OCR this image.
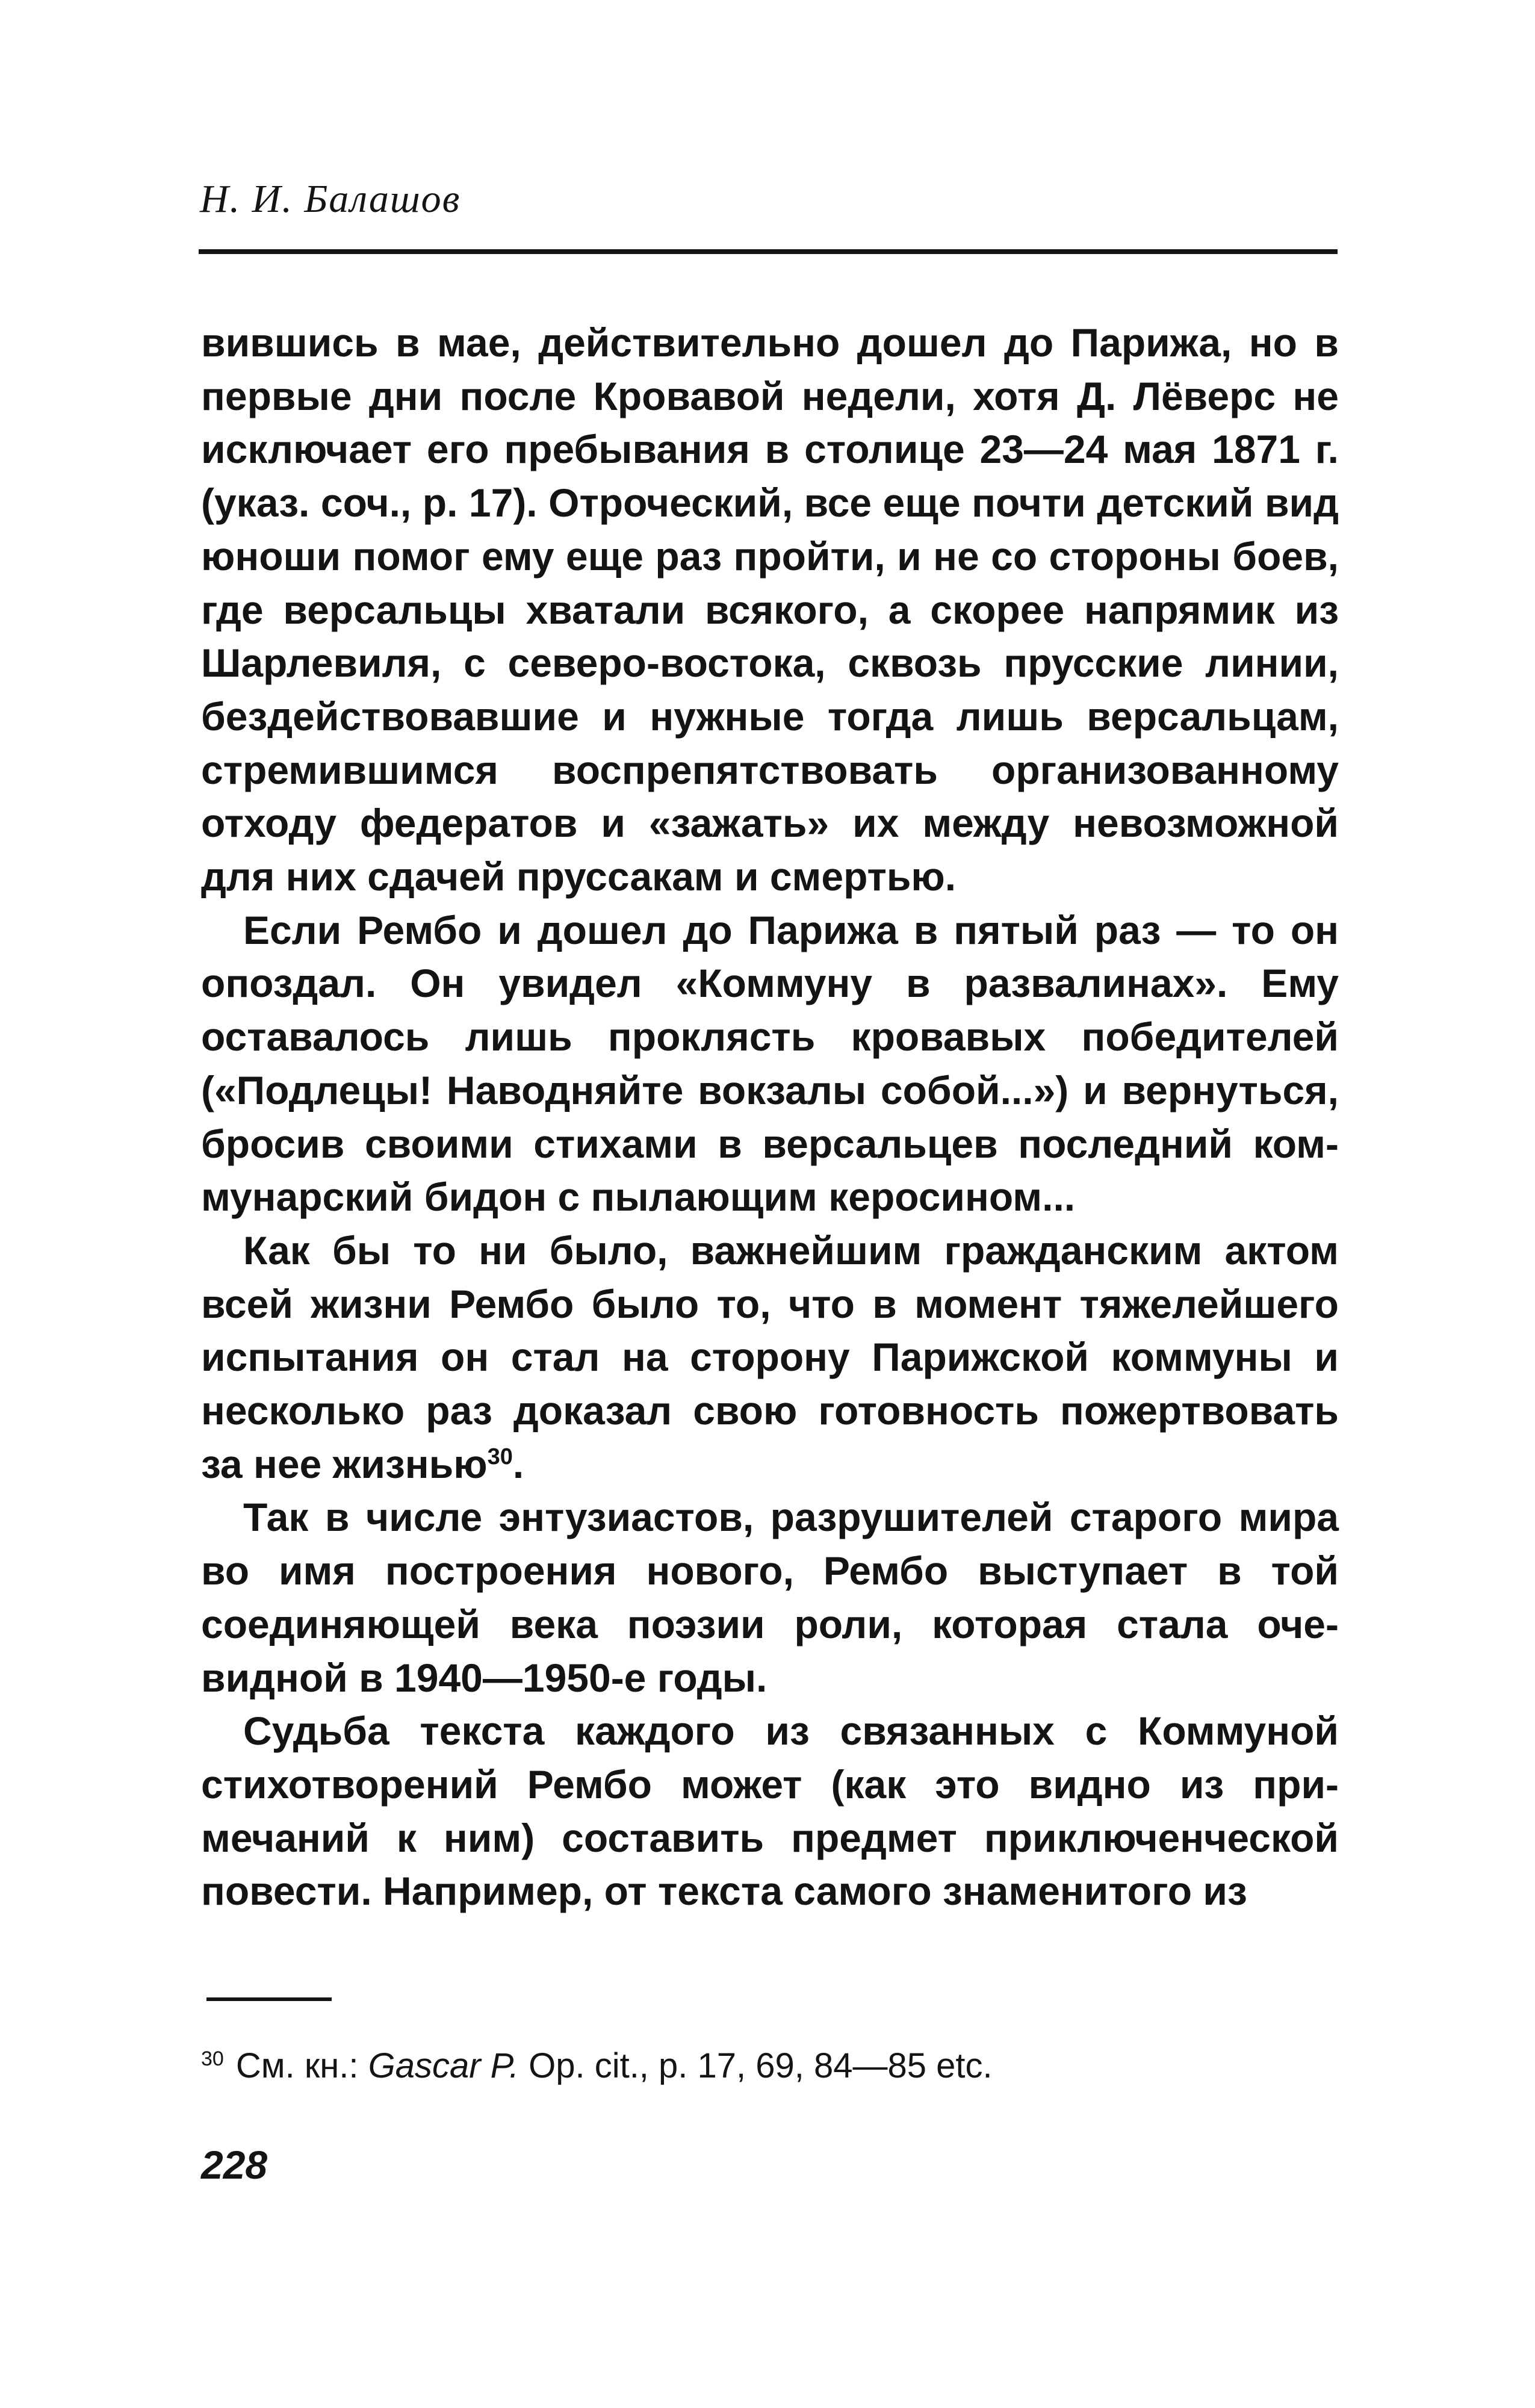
Н. И. Балашов

вившись в мае, действительно дошел до Парижа, но в первые дни после Кровавой недели, хотя Д. Лёверс не исключает его пребывания в столице 23—24 мая 1871 г. (указ. соч., р. 17). Отроческий, все еще почти детский вид юноши помог ему еще раз пройти, и не со стороны боев, где версальцы хватали всякого, а скорее напрямик из Шарлевиля, с северо-востока, сквозь прусские линии, бездействовавшие и нужные тогда лишь версальцам, стремившимся воспрепятствовать организованному отходу федератов и «зажать» их между невозможной для них сдачей пруссакам и смертью.

Если Рембо и дошел до Парижа в пятый раз — то он опоздал. Он увидел «Коммуну в развалинах». Ему оставалось лишь проклясть кровавых победителей («Подлецы! Наводняйте вокзалы собой...») и вернуться, бросив своими стихами в версальцев последний коммунарский бидон с пылающим керосином...

Как бы то ни было, важнейшим гражданским актом всей жизни Рембо было то, что в момент тяжелейшего испытания он стал на сторону Парижской коммуны и несколько раз доказал свою готовность пожертвовать за нее жизнью$^{30}$.

Так в числе энтузиастов, разрушителей старого мира во имя построения нового, Рембо выступает в той соединяющей века поэзии роли, которая стала очевидной в 1940—1950-е годы.

Судьба текста каждого из связанных с Коммуной стихотворений Рембо может (как это видно из примечаний к ним) составить предмет приключенческой повести. Например, от текста самого знаменитого из

$^{30}$ См. кн.: Gascar P. Op. cit., p. 17, 69, 84—85 etc.
228
